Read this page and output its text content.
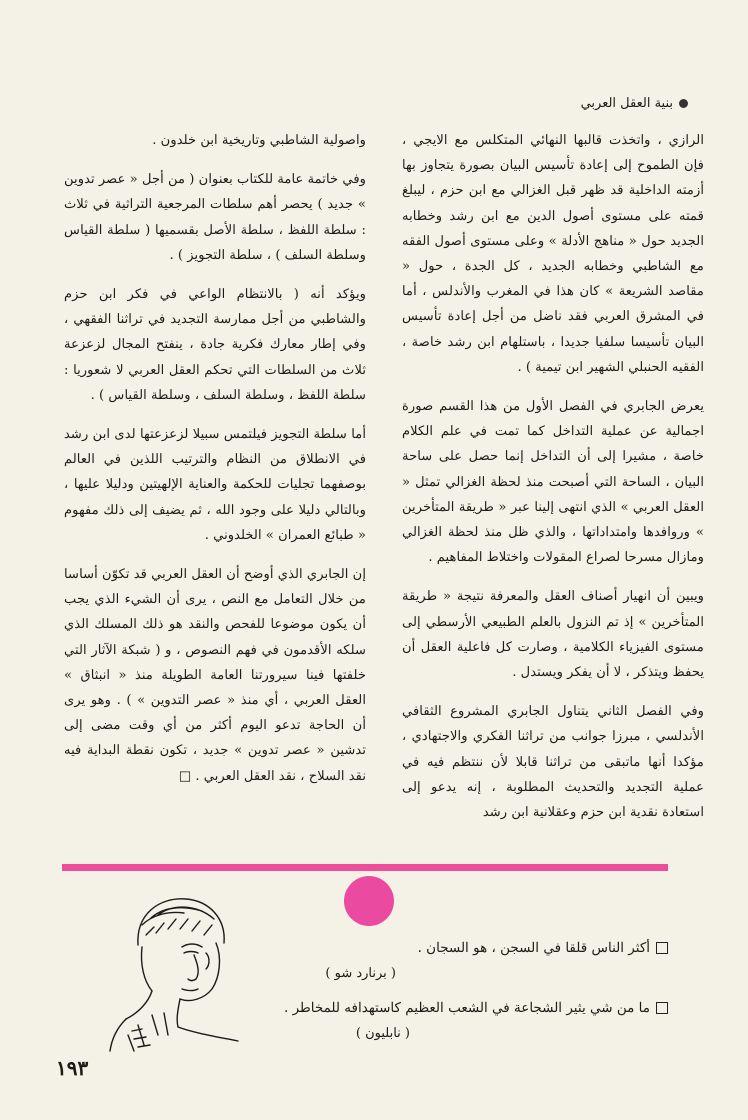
بنية العقل العربي

الرازي ، واتخذت قالبها النهائي المتكلس مع الايجي ، فإن الطموح إلى إعادة تأسيس البيان بصورة يتجاوز بها أزمته الداخلية قد ظهر قبل الغزالي مع ابن حزم ، ليبلغ قمته على مستوى أصول الدين مع ابن رشد وخطابه الجديد حول « مناهج الأدلة » وعلى مستوى أصول الفقه مع الشاطبي وخطابه الجديد ، كل الجدة ، حول « مقاصد الشريعة » كان هذا في المغرب والأندلس ، أما في المشرق العربي فقد ناضل من أجل إعادة تأسيس البيان تأسيسا سلفيا جديدا ، باستلهام ابن رشد خاصة ، الفقيه الحنبلي الشهير ابن تيمية ) .

يعرض الجابري في الفصل الأول من هذا القسم صورة اجمالية عن عملية التداخل كما تمت في علم الكلام خاصة ، مشيرا إلى أن التداخل إنما حصل على ساحة البيان ، الساحة التي أصبحت منذ لحظة الغزالي تمثل « العقل العربي » الذي انتهى إلينا عبر « طريقة المتأخرين » وروافدها وامتداداتها ، والذي ظل منذ لحظة الغزالي ومازال مسرحا لصراع المقولات واختلاط المفاهيم .

ويبين أن انهيار أصناف العقل والمعرفة نتيجة « طريقة المتأخرين » إذ تم النزول بالعلم الطبيعي الأرسطي إلى مستوى الفيزياء الكلامية ، وصارت كل فاعلية العقل أن يحفظ ويتذكر ، لا أن يفكر ويستدل .

وفي الفصل الثاني يتناول الجابري المشروع الثقافي الأندلسي ، مبرزا جوانب من تراثنا الفكري والاجتهادي ، مؤكدا أنها ماتبقى من تراثنا قابلا لأن ننتظم فيه في عملية التجديد والتحديث المطلوبة ، إنه يدعو إلى استعادة نقدية ابن حزم وعقلانية ابن رشد

واصولية الشاطبي وتاريخية ابن خلدون .

وفي خاتمة عامة للكتاب بعنوان ( من أجل « عصر تدوين » جديد ) يحصر أهم سلطات المرجعية التراثية في ثلاث : سلطة اللفظ ، سلطة الأصل بقسميها ( سلطة القياس وسلطة السلف ) ، سلطة التجويز ) .

ويؤكد أنه ( بالانتظام الواعي في فكر ابن حزم والشاطبي من أجل ممارسة التجديد في تراثنا الفقهي ، وفي إطار معارك فكرية جادة ، ينفتح المجال لزعزعة ثلاث من السلطات التي تحكم العقل العربي لا شعوريا : سلطة اللفظ ، وسلطة السلف ، وسلطة القياس ) .

أما سلطة التجويز فيلتمس سبيلا لزعزعتها لدى ابن رشد في الانطلاق من النظام والترتيب اللذين في العالم بوصفهما تجليات للحكمة والعناية الإلهيتين ودليلا عليها ، وبالتالي دليلا على وجود الله ، ثم يضيف إلى ذلك مفهوم « طبائع العمران » الخلدوني .

إن الجابري الذي أوضح أن العقل العربي قد تكوّن أساسا من خلال التعامل مع النص ، يرى أن الشيء الذي يجب أن يكون موضوعا للفحص والنقد هو ذلك المسلك الذي سلكه الأقدمون في فهم النصوص ، و ( شبكة الآثار التي خلفتها فينا سيرورتنا العامة الطويلة منذ « انبثاق » العقل العربي ، أي منذ « عصر التدوين » ) . وهو يرى أن الحاجة تدعو اليوم أكثر من أي وقت مضى إلى تدشين « عصر تدوين » جديد ، تكون نقطة البداية فيه نقد السلاح ، نقد العقل العربي . □

أكثر الناس قلقا في السجن ، هو السجان .
( برنارد شو )
ما من شي يثير الشجاعة في الشعب العظيم كاستهدافه للمخاطر .
( نابليون )
١٩٣
